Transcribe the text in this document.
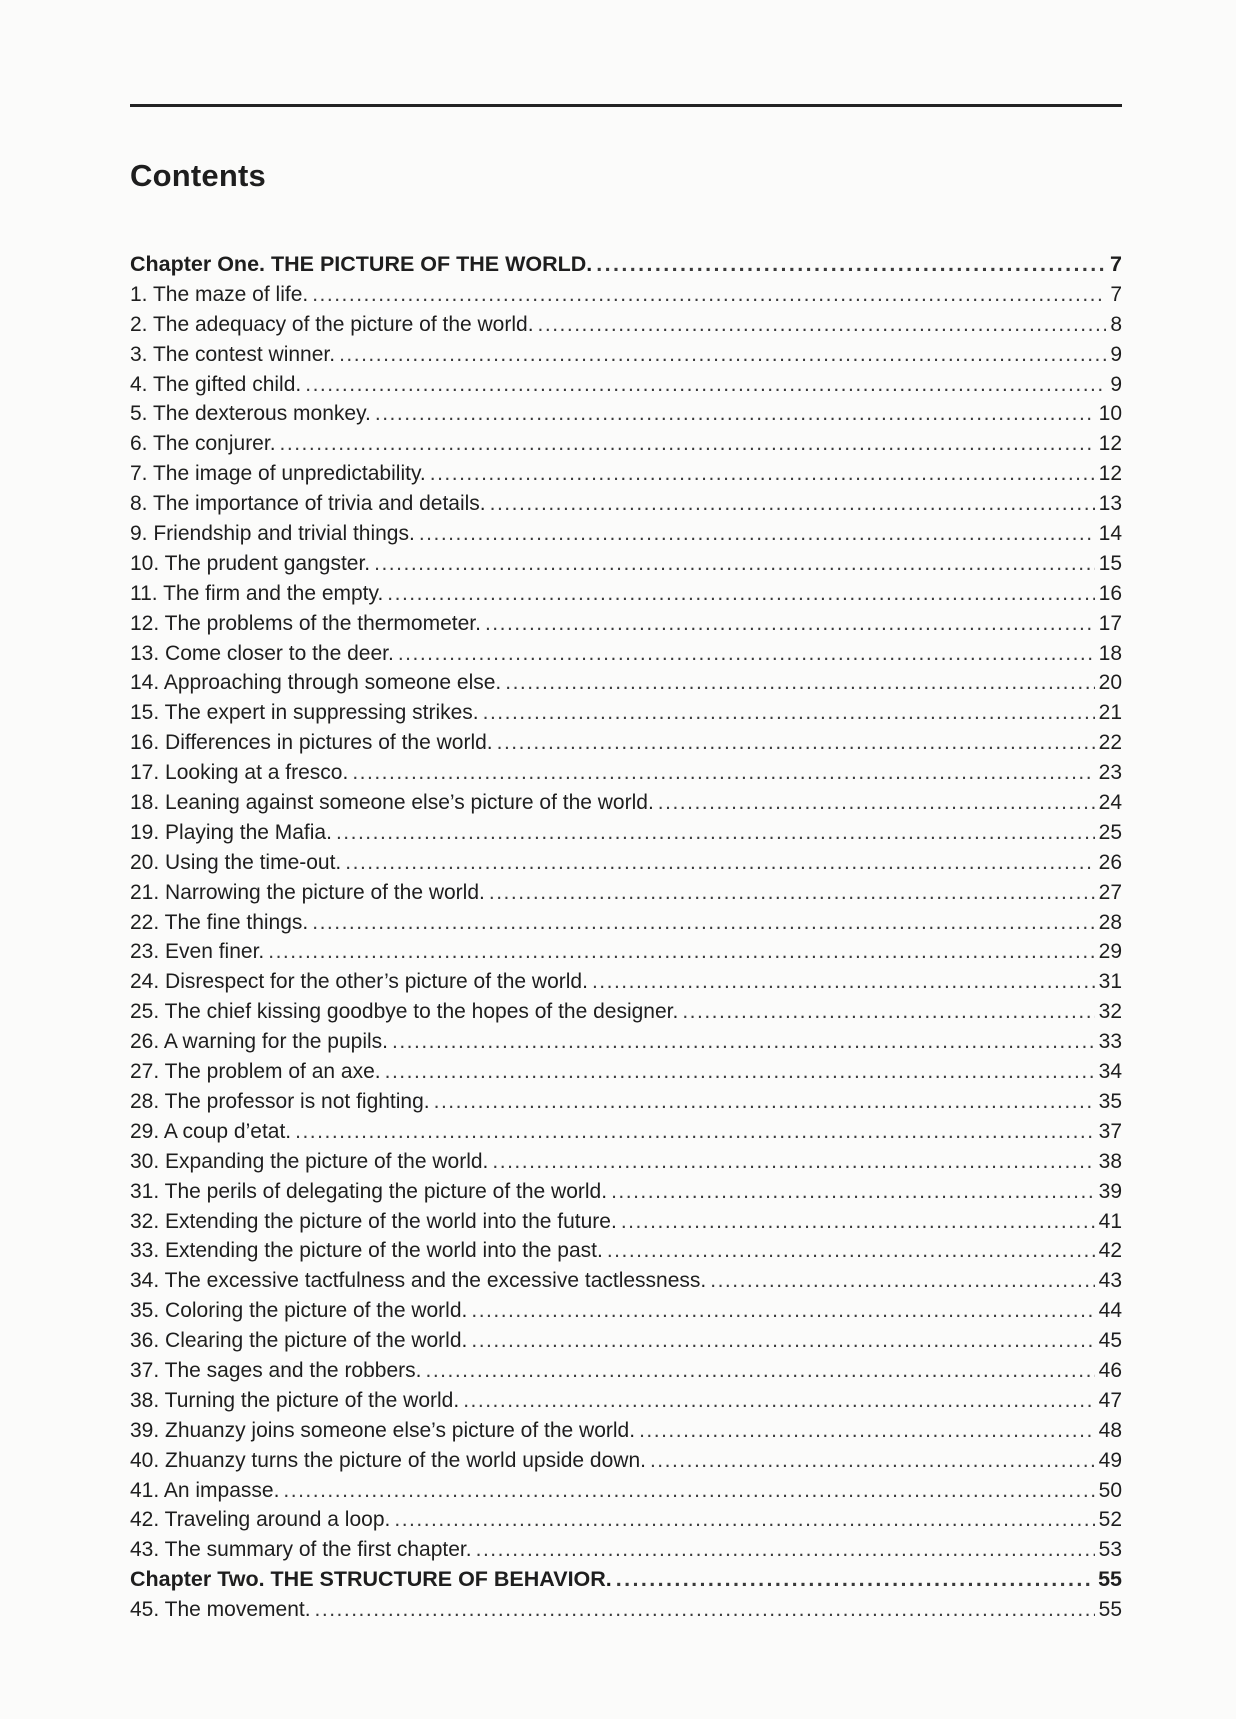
Contents
Chapter One. THE PICTURE OF THE WORLD. .....	7
1. The maze of life. .....	7
2. The adequacy of the picture of the world. .....	8
3. The contest winner. .....	9
4. The gifted child. .....	9
5. The dexterous monkey. .....	10
6. The conjurer. .....	12
7. The image of unpredictability. .....	12
8. The importance of trivia and details. .....	13
9. Friendship and trivial things. .....	14
10. The prudent gangster. .....	15
11. The firm and the empty. .....	16
12. The problems of the thermometer. .....	17
13. Come closer to the deer. .....	18
14. Approaching through someone else. .....	20
15. The expert in suppressing strikes. .....	21
16. Differences in pictures of the world. .....	22
17. Looking at a fresco. .....	23
18. Leaning against someone else’s picture of the world. .....	24
19. Playing the Mafia. .....	25
20. Using the time-out. .....	26
21. Narrowing the picture of the world. .....	27
22. The fine things. .....	28
23. Even finer. .....	29
24. Disrespect for the other’s picture of the world. .....	31
25. The chief kissing goodbye to the hopes of the designer. .....	32
26. A warning for the pupils. .....	33
27. The problem of an axe. .....	34
28. The professor is not fighting. .....	35
29. A coup d’etat. .....	37
30. Expanding the picture of the world. .....	38
31. The perils of delegating the picture of the world. .....	39
32. Extending the picture of the world into the future. .....	41
33. Extending the picture of the world into the past. .....	42
34. The excessive tactfulness and the excessive tactlessness. .....	43
35. Coloring the picture of the world. .....	44
36. Clearing the picture of the world. .....	45
37. The sages and the robbers. .....	46
38. Turning the picture of the world. .....	47
39. Zhuanzy joins someone else’s picture of the world. .....	48
40. Zhuanzy turns the picture of the world upside down. .....	49
41. An impasse. .....	50
42. Traveling around a loop. .....	52
43. The summary of the first chapter. .....	53
Chapter Two. THE STRUCTURE OF BEHAVIOR. .....	55
45. The movement. .....	55
